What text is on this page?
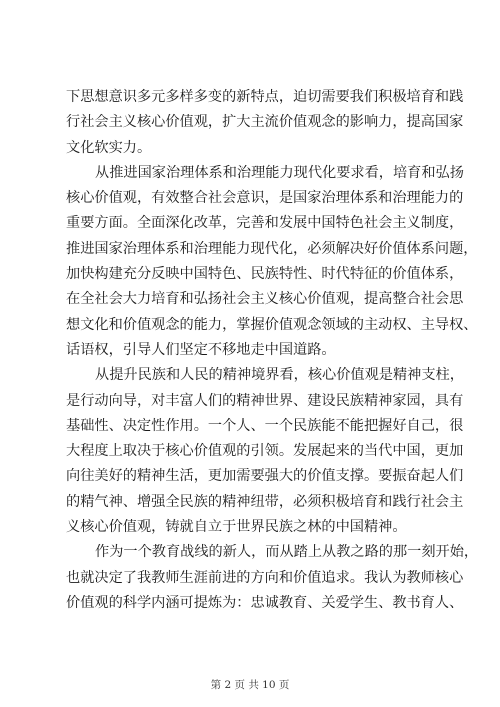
下思想意识多元多样多变的新特点，迫切需要我们积极培育和践
行社会主义核心价值观，扩大主流价值观念的影响力，提高国家
文化软实力。
从推进国家治理体系和治理能力现代化要求看，培育和弘扬
核心价值观，有效整合社会意识，是国家治理体系和治理能力的
重要方面。全面深化改革，完善和发展中国特色社会主义制度，
推进国家治理体系和治理能力现代化，必须解决好价值体系问题，
加快构建充分反映中国特色、民族特性、时代特征的价值体系，
在全社会大力培育和弘扬社会主义核心价值观，提高整合社会思
想文化和价值观念的能力，掌握价值观念领域的主动权、主导权、
话语权，引导人们坚定不移地走中国道路。
从提升民族和人民的精神境界看，核心价值观是精神支柱，
是行动向导，对丰富人们的精神世界、建设民族精神家园，具有
基础性、决定性作用。一个人、一个民族能不能把握好自己，很
大程度上取决于核心价值观的引领。发展起来的当代中国，更加
向往美好的精神生活，更加需要强大的价值支撑。要振奋起人们
的精气神、增强全民族的精神纽带，必须积极培育和践行社会主
义核心价值观，铸就自立于世界民族之林的中国精神。
作为一个教育战线的新人，而从踏上从教之路的那一刻开始，
也就决定了我教师生涯前进的方向和价值追求。我认为教师核心
价值观的科学内涵可提炼为：忠诚教育、关爱学生、教书育人、
第 2 页 共 10 页
